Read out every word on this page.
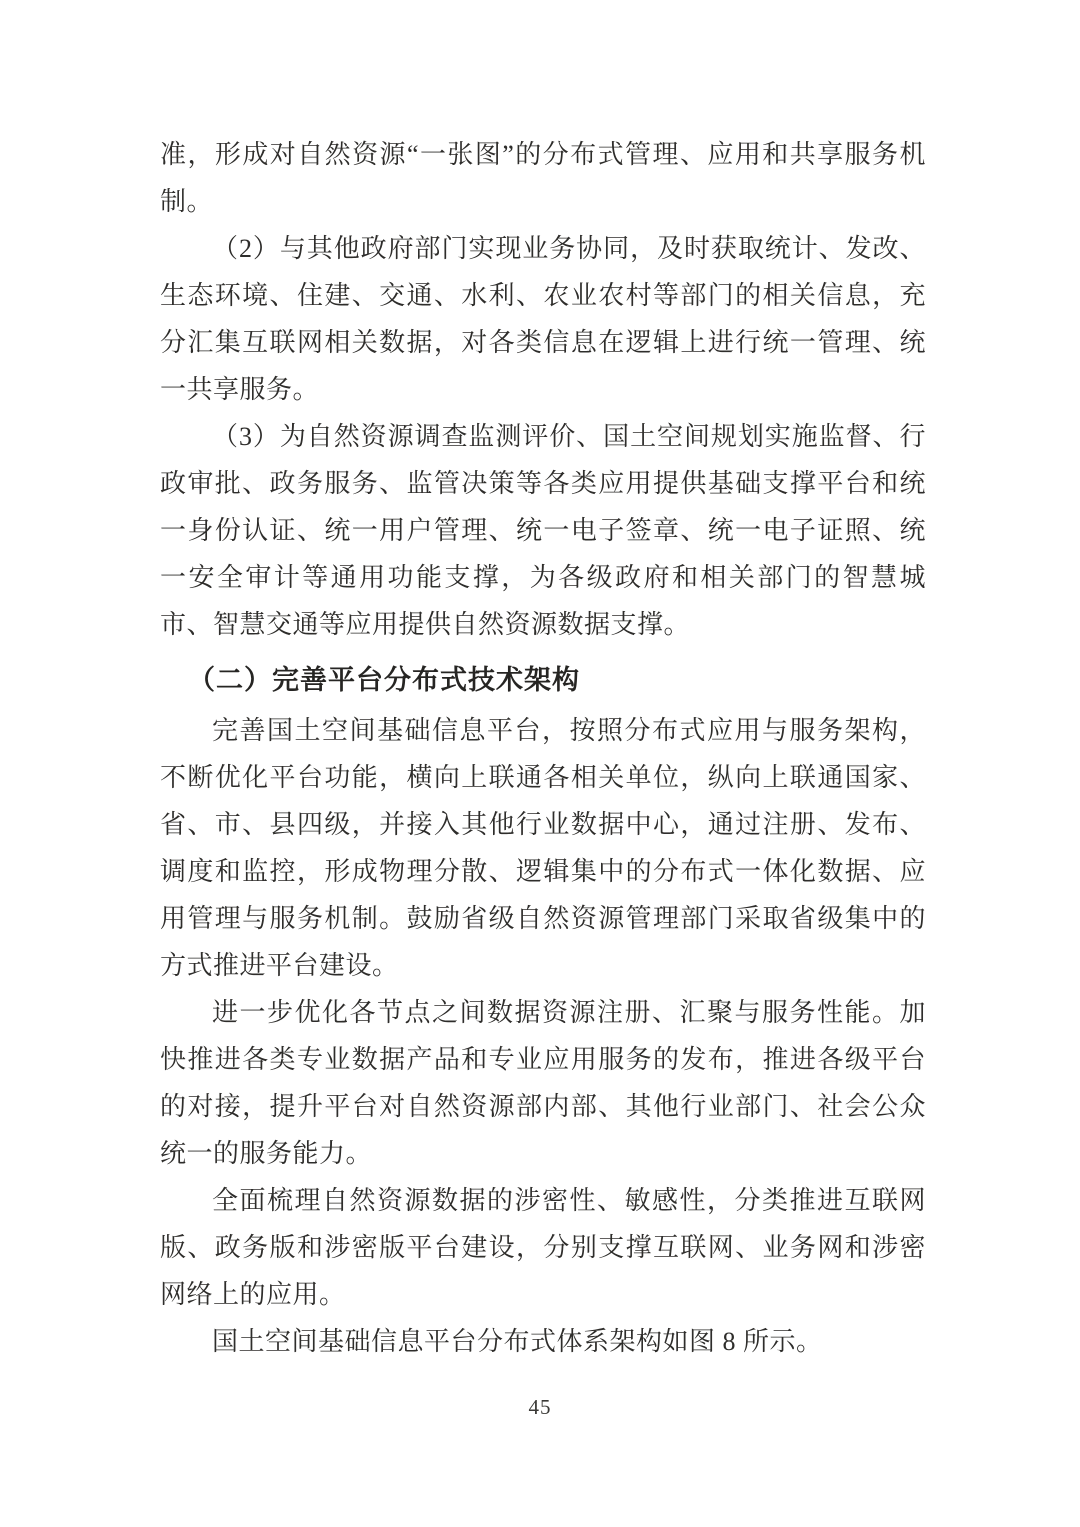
准，形成对自然资源“一张图”的分布式管理、应用和共享服务机制。

（2）与其他政府部门实现业务协同，及时获取统计、发改、生态环境、住建、交通、水利、农业农村等部门的相关信息，充分汇集互联网相关数据，对各类信息在逻辑上进行统一管理、统一共享服务。

（3）为自然资源调查监测评价、国土空间规划实施监督、行政审批、政务服务、监管决策等各类应用提供基础支撑平台和统一身份认证、统一用户管理、统一电子签章、统一电子证照、统一安全审计等通用功能支撑，为各级政府和相关部门的智慧城市、智慧交通等应用提供自然资源数据支撑。

（二）完善平台分布式技术架构

完善国土空间基础信息平台，按照分布式应用与服务架构，不断优化平台功能，横向上联通各相关单位，纵向上联通国家、省、市、县四级，并接入其他行业数据中心，通过注册、发布、调度和监控，形成物理分散、逻辑集中的分布式一体化数据、应用管理与服务机制。鼓励省级自然资源管理部门采取省级集中的方式推进平台建设。

进一步优化各节点之间数据资源注册、汇聚与服务性能。加快推进各类专业数据产品和专业应用服务的发布，推进各级平台的对接，提升平台对自然资源部内部、其他行业部门、社会公众统一的服务能力。

全面梳理自然资源数据的涉密性、敏感性，分类推进互联网版、政务版和涉密版平台建设，分别支撑互联网、业务网和涉密网络上的应用。

国土空间基础信息平台分布式体系架构如图 8 所示。

45
